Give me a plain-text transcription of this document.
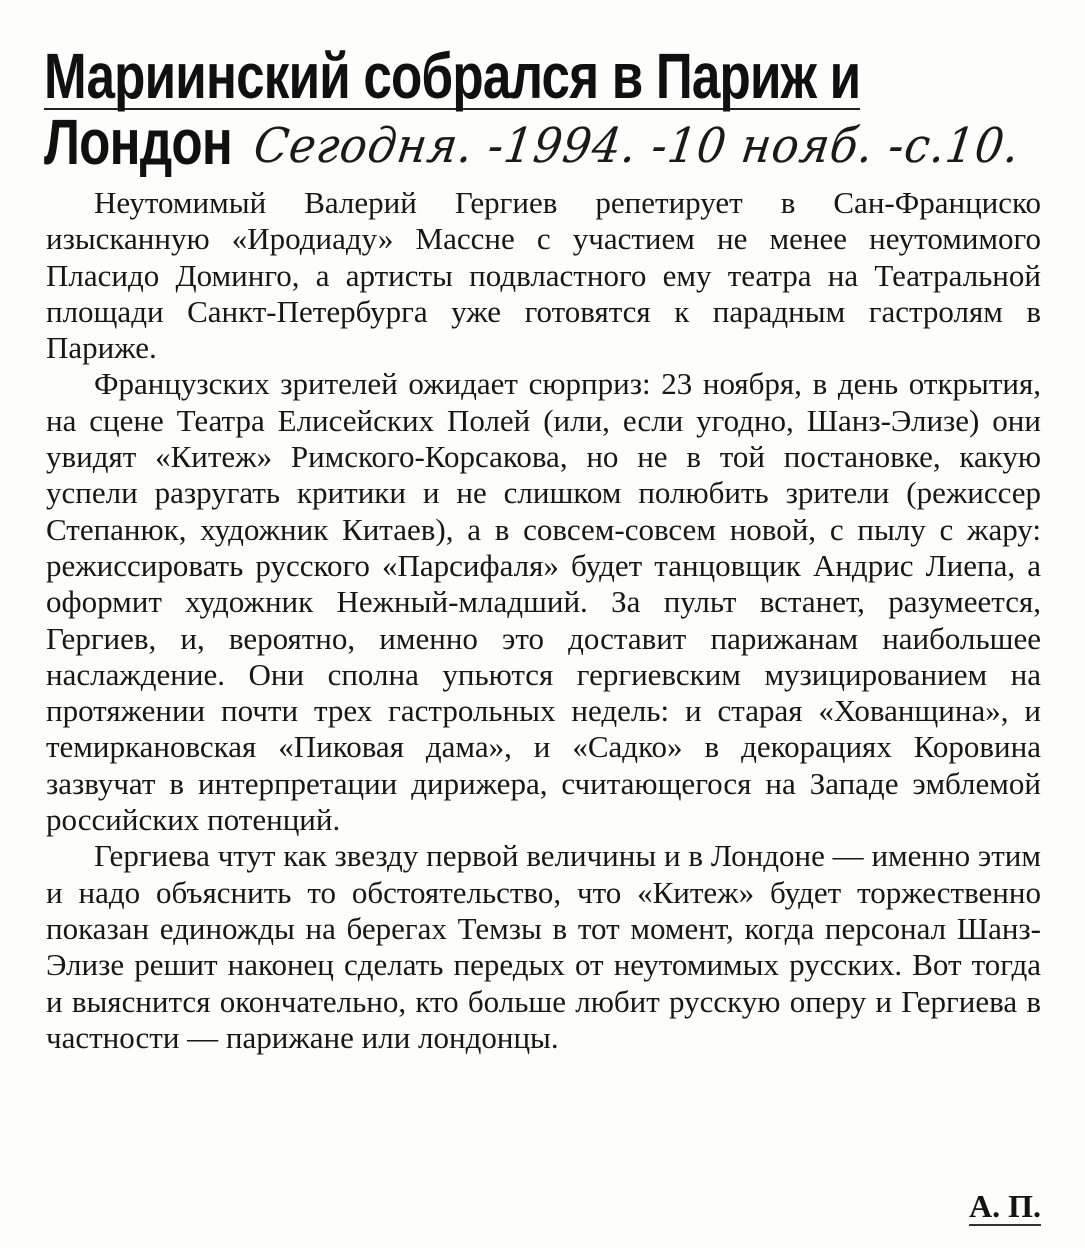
Мариинский собрался в Париж и
Лондон Сегодня. -1994. -10 нояб. -с.10.

Неутомимый Валерий Гергиев репетирует в Сан-Франциско изысканную «Иродиаду» Массне с участием не менее неутомимого Пласидо Доминго, а артисты подвластного ему театра на Театральной площади Санкт-Петербурга уже готовятся к парадным гастролям в Париже.

Французских зрителей ожидает сюрприз: 23 ноября, в день открытия, на сцене Театра Елисейских Полей (или, если угодно, Шанз-Элизе) они увидят «Китеж» Римского-Корсакова, но не в той постановке, какую успели разругать критики и не слишком полюбить зрители (режиссер Степанюк, художник Китаев), а в совсем-совсем новой, с пылу с жару: режиссировать русского «Парсифаля» будет танцовщик Андрис Лиепа, а оформит художник Нежный-младший. За пульт встанет, разумеется, Гергиев, и, вероятно, именно это доставит парижанам наибольшее наслаждение. Они сполна упьются гергиевским музицированием на протяжении почти трех гастрольных недель: и старая «Хованщина», и темиркановская «Пиковая дама», и «Садко» в декорациях Коровина зазвучат в интерпретации дирижера, считающегося на Западе эмблемой российских потенций.

Гергиева чтут как звезду первой величины и в Лондоне — именно этим и надо объяснить то обстоятельство, что «Китеж» будет торжественно показан единожды на берегах Темзы в тот момент, когда персонал Шанз-Элизе решит наконец сделать передых от неутомимых русских. Вот тогда и выяснится окончательно, кто больше любит русскую оперу и Гергиева в частности — парижане или лондонцы.

А. П.
